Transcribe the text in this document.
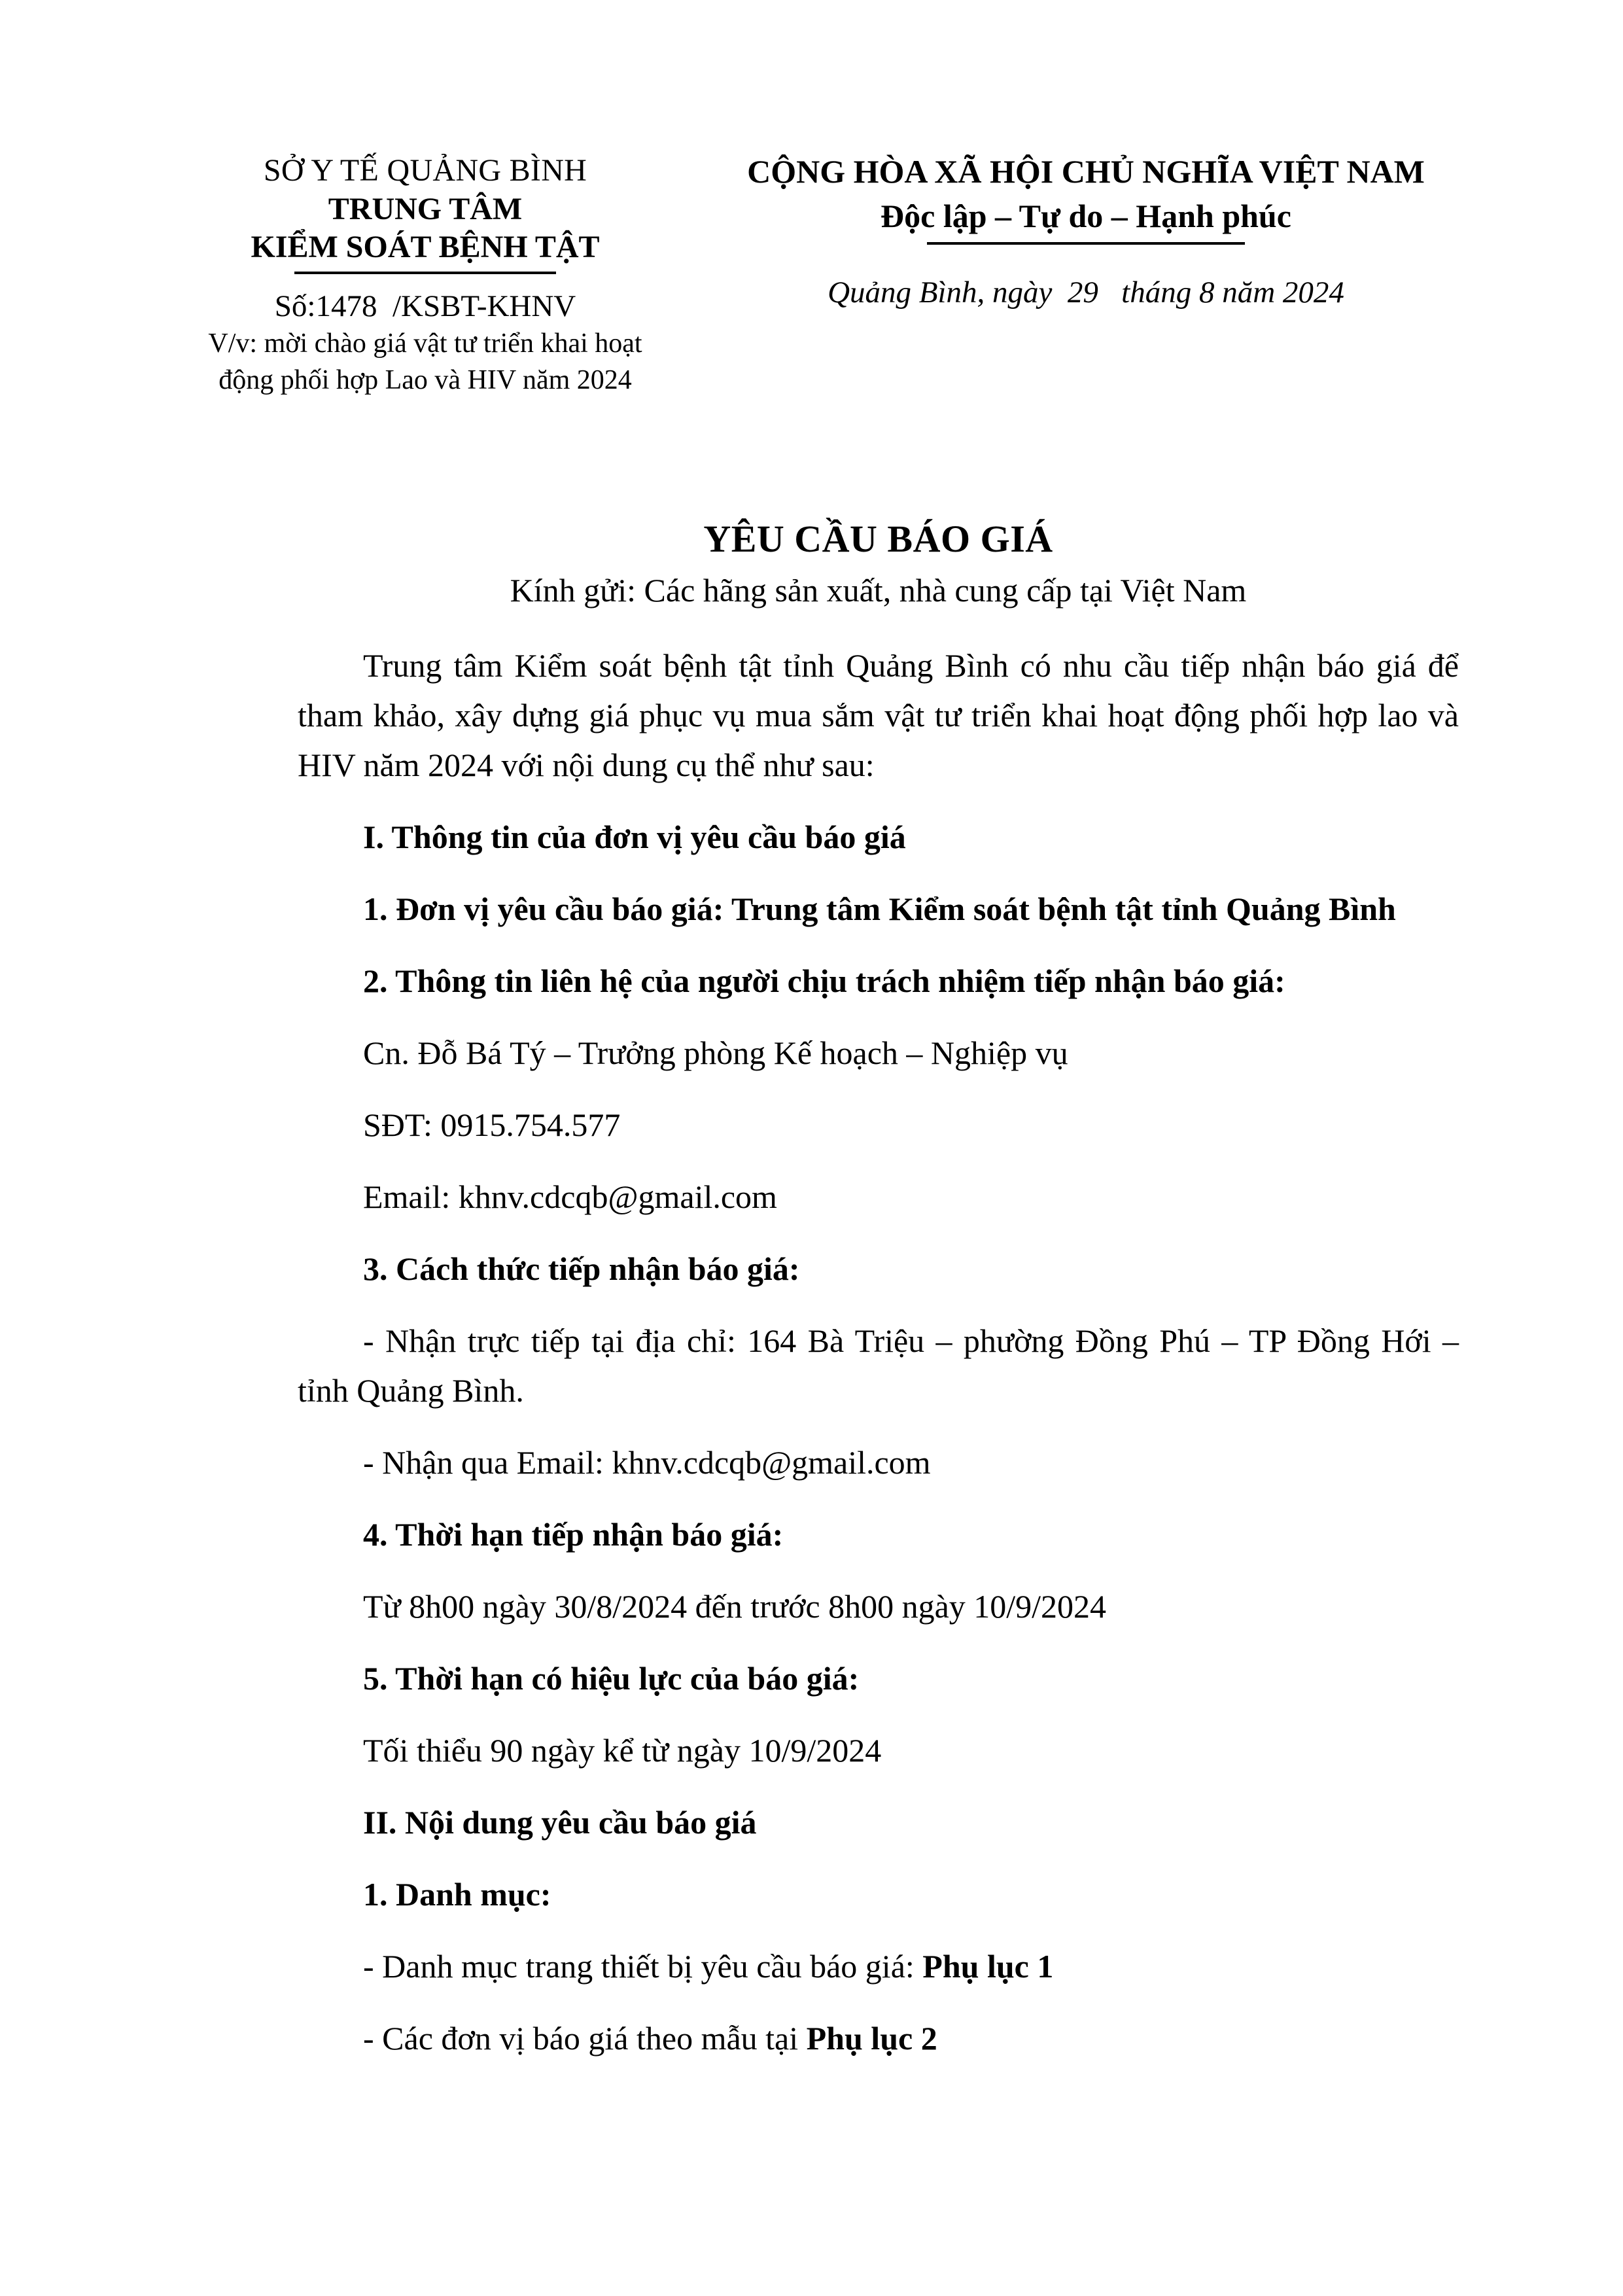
SỞ Y TẾ QUẢNG BÌNH
TRUNG TÂM
KIỂM SOÁT BỆNH TẬT
Số:1478  /KSBT-KHNV
V/v: mời chào giá vật tư triển khai hoạt
động phối hợp Lao và HIV năm 2024
CỘNG HÒA XÃ HỘI CHỦ NGHĨA VIỆT NAM
Độc lập – Tự do – Hạnh phúc
Quảng Bình, ngày  29   tháng 8 năm 2024
YÊU CẦU BÁO GIÁ
Kính gửi: Các hãng sản xuất, nhà cung cấp tại Việt Nam

Trung tâm Kiểm soát bệnh tật tỉnh Quảng Bình có nhu cầu tiếp nhận báo giá để tham khảo, xây dựng giá phục vụ mua sắm vật tư triển khai hoạt động phối hợp lao và HIV năm 2024 với nội dung cụ thể như sau:

I. Thông tin của đơn vị yêu cầu báo giá

1. Đơn vị yêu cầu báo giá: Trung tâm Kiểm soát bệnh tật tỉnh Quảng Bình

2. Thông tin liên hệ của người chịu trách nhiệm tiếp nhận báo giá:

Cn. Đỗ Bá Tý – Trưởng phòng Kế hoạch – Nghiệp vụ

SĐT: 0915.754.577

Email: khnv.cdcqb@gmail.com

3. Cách thức tiếp nhận báo giá:

- Nhận trực tiếp tại địa chỉ: 164 Bà Triệu – phường Đồng Phú – TP Đồng Hới – tỉnh Quảng Bình.

- Nhận qua Email: khnv.cdcqb@gmail.com

4. Thời hạn tiếp nhận báo giá:

Từ 8h00 ngày 30/8/2024 đến trước 8h00 ngày 10/9/2024

5. Thời hạn có hiệu lực của báo giá:

Tối thiểu 90 ngày kể từ ngày 10/9/2024

II. Nội dung yêu cầu báo giá

1. Danh mục:

- Danh mục trang thiết bị yêu cầu báo giá: Phụ lục 1

- Các đơn vị báo giá theo mẫu tại Phụ lục 2
